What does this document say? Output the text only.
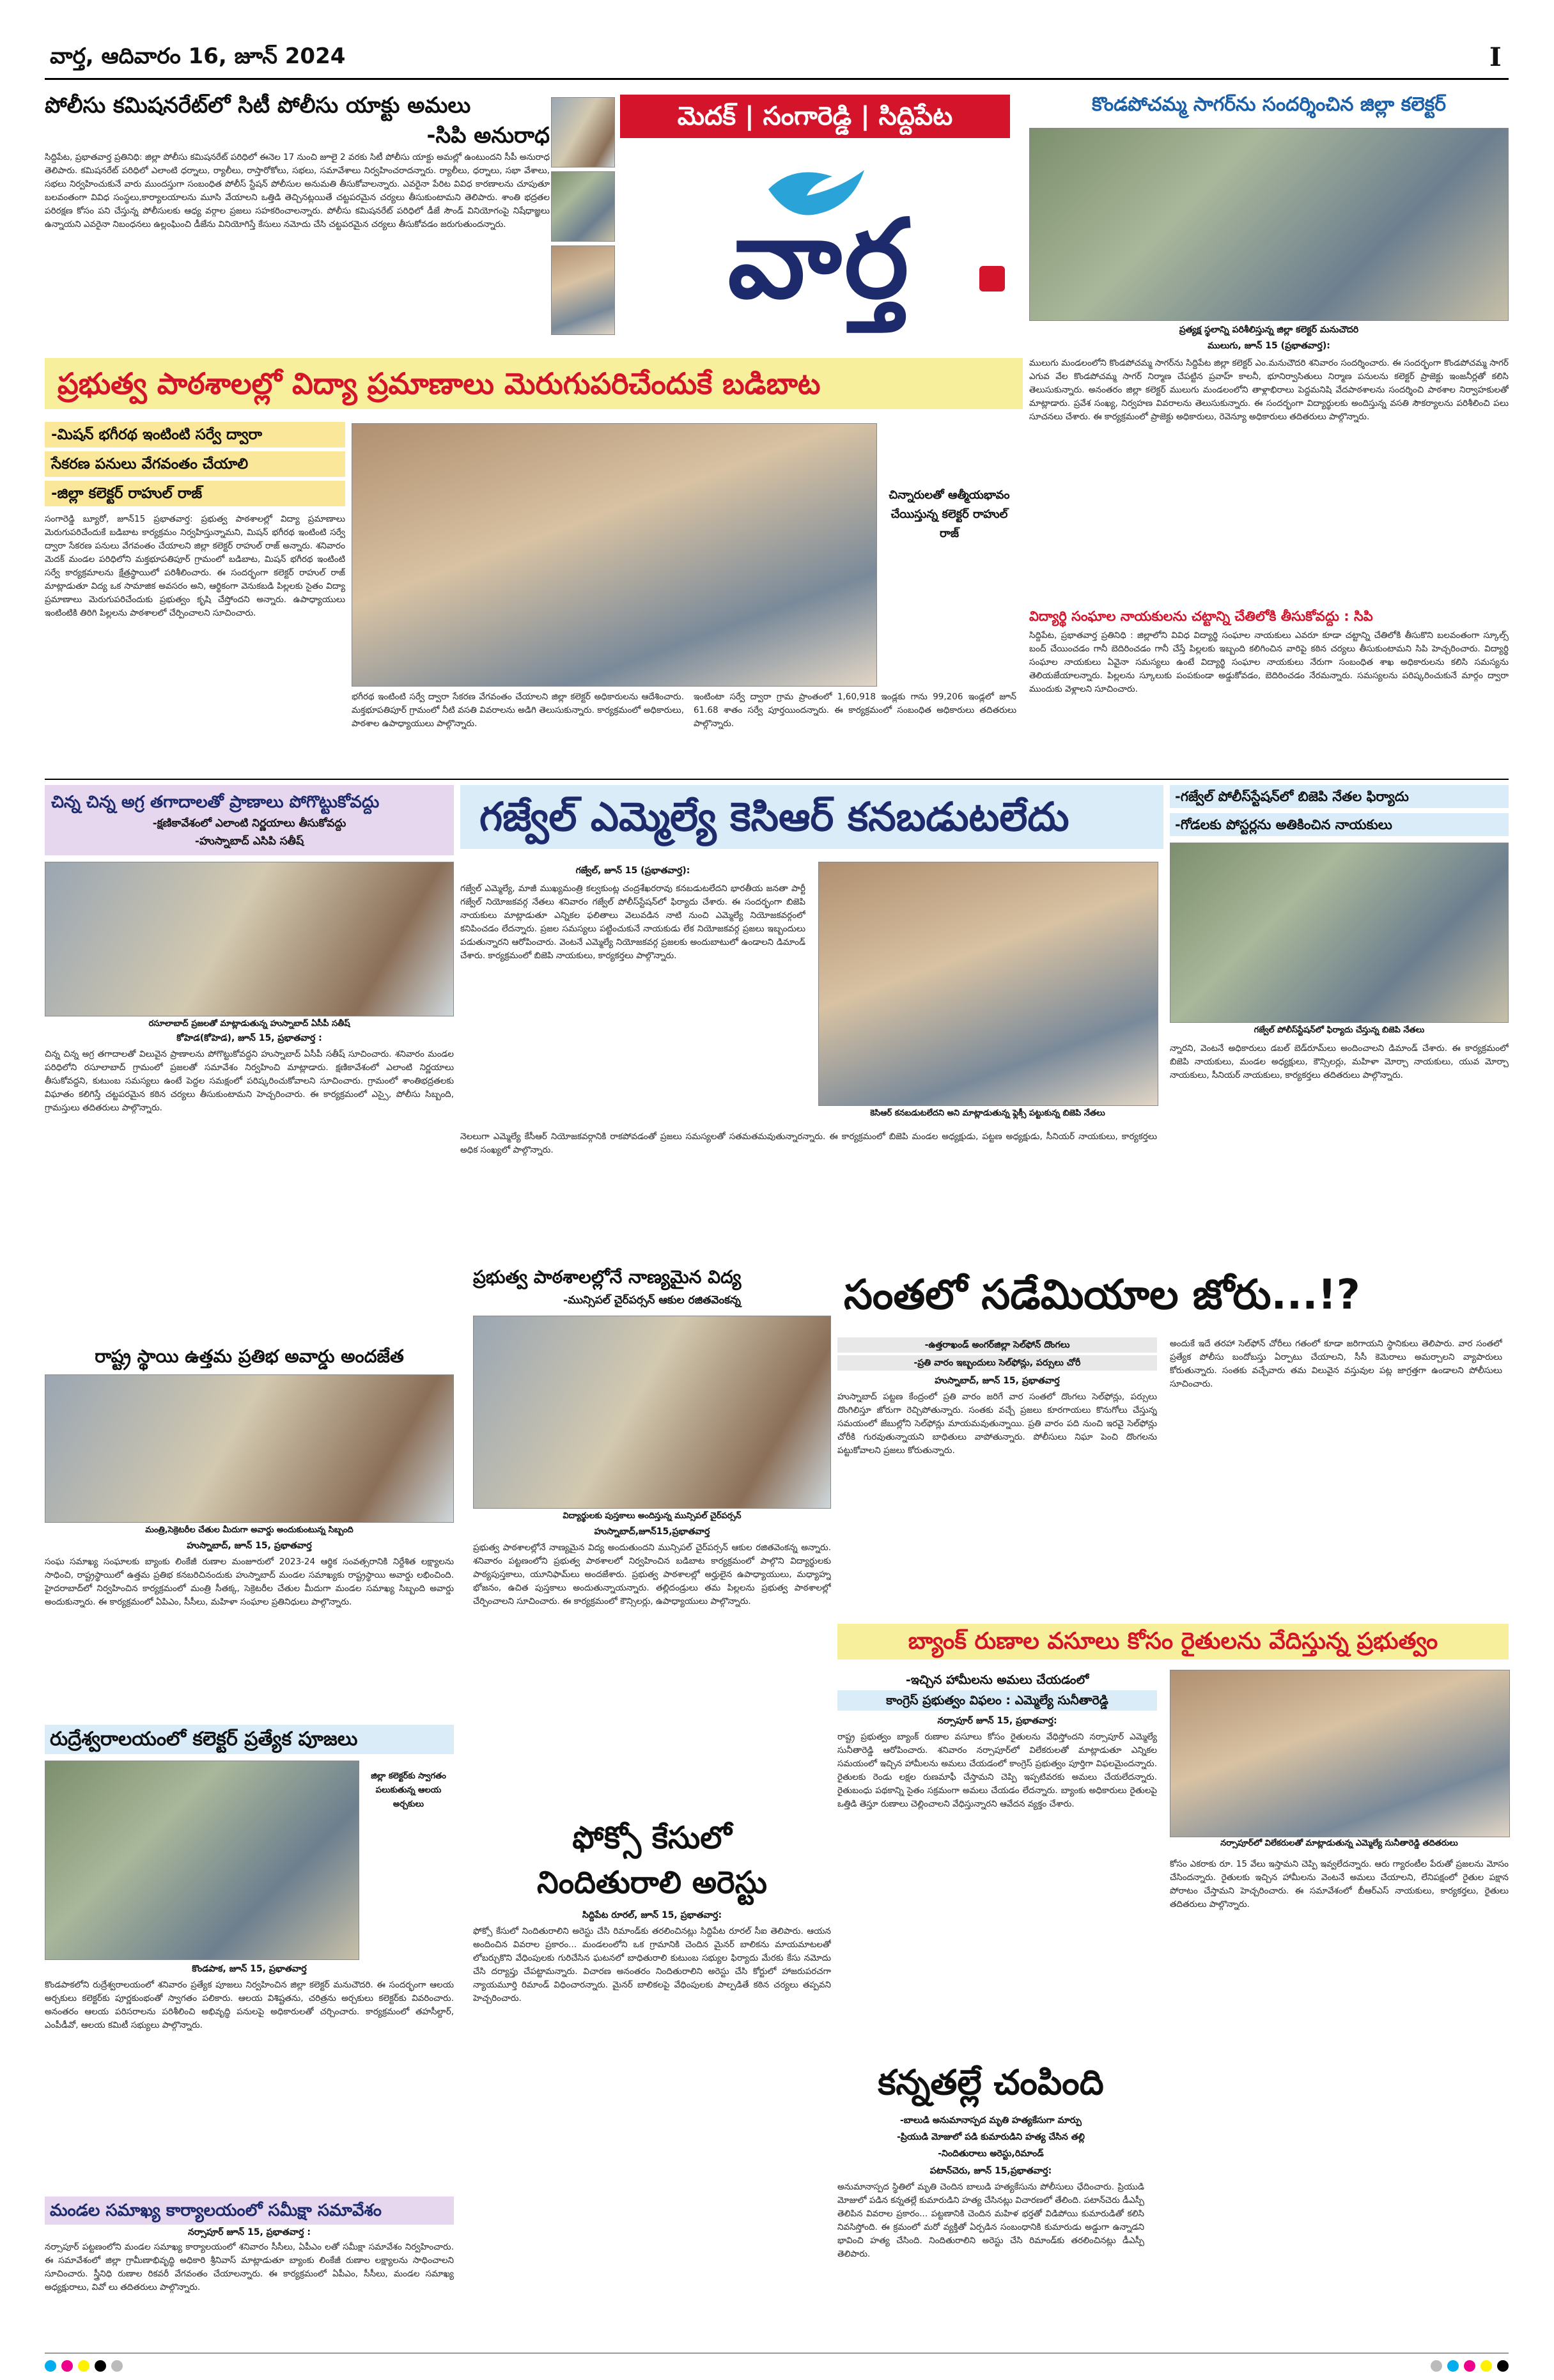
వార్త, ఆదివారం 16, జూన్ 2024	I
పోలీసు కమిషనరేట్‌లో సిటీ పోలీసు యాక్టు అమలు
-సిపి అనురాధ
సిద్దిపేట, ప్రభాతవార్త ప్రతినిధి: జిల్లా పోలీసు కమిషనరేట్ పరిధిలో ఈనెల 17 నుంచి జూలై 2 వరకు సిటీ పోలీసు యాక్టు అమల్లో ఉంటుందని సీపీ అనురాధ తెలిపారు. కమిషనరేట్ పరిధిలో ఎలాంటి ధర్నాలు, ర్యాలీలు, రాస్తారోకోలు, సభలు, సమావేశాలు నిర్వహించరాదన్నారు. ర్యాలీలు, ధర్నాలు, సభా వేశాలు, సభలు నిర్వహించుకునే వారు ముందస్తుగా సంబంధిత పోలీస్ స్టేషన్ పోలీసుల అనుమతి తీసుకోవాలన్నారు. ఎవరైనా పేరిట వివిధ కారణాలను చూపుతూ బలవంతంగా వివిధ సంస్థలు,కార్యాలయాలను మూసి వేయాలని ఒత్తిడి తెచ్చినట్లయితే చట్టపరమైన చర్యలు తీసుకుంటామని తెలిపారు. శాంతి భద్రతల పరిరక్షణ కోసం పని చేస్తున్న పోలీసులకు ఆధ్య వర్గాల ప్రజలు సహకరించాలన్నారు. పోలీసు కమిషనరేట్ పరిధిలో డీజే సౌండ్ వినియోగంపై నిషేధాజ్ఞలు ఉన్నాయని ఎవరైనా నిబంధనలు ఉల్లంఘించి డీజేను వినియోగిస్తే కేసులు నమోదు చేసి చట్టపరమైన చర్యలు తీసుకోవడం జరుగుతుందన్నారు.
మెదక్ | సంగారెడ్డి | సిద్దిపేట
వార్త
కొండపోచమ్మ సాగర్‌ను సందర్శించిన జిల్లా కలెక్టర్
ప్రత్యక్ష స్థలాన్ని పరిశీలిస్తున్న జిల్లా కలెక్టర్ మనుచౌదరి
ములుగు, జూన్ 15 (ప్రభాతవార్త):
ములుగు మండలంలోని కొండపోచమ్మ సాగర్‌ను సిద్దిపేట జిల్లా కలెక్టర్ ఎం.మనుచౌదరి శనివారం సందర్శించారు. ఈ సందర్భంగా కొండపోచమ్మ సాగర్ ఎగువ వేల కొండపోచమ్మ సాగర్ నిర్మాణ చేపట్టిన ప్రవాహ్ కాలనీ, భూనిర్వాసితులు నిర్మాణ పనులను కలెక్టర్ ప్రాజెక్టు ఇంజనీర్లతో కలిసి తెలుసుకున్నారు. అనంతరం జిల్లా కలెక్టర్ ములుగు మండలంలోని తాళ్లాభిరాలు పెద్దమనిషి వేదపాఠశాలను సందర్శించి పాఠశాల నిర్వాహకులతో మాట్లాడారు. ప్రవేశ సంఖ్య, నిర్వహణ వివరాలను తెలుసుకున్నారు. ఈ సందర్భంగా విద్యార్థులకు అందిస్తున్న వసతి సౌకర్యాలను పరిశీలించి పలు సూచనలు చేశారు. ఈ కార్యక్రమంలో ప్రాజెక్టు అధికారులు, రెవెన్యూ అధికారులు తదితరులు పాల్గొన్నారు.
విద్యార్థి సంఘాల నాయకులను చట్టాన్ని చేతిలోకి తీసుకోవద్దు : సిపి
సిద్దిపేట, ప్రభాతవార్త ప్రతినిధి : జిల్లాలోని వివిధ విద్యార్థి సంఘాల నాయకులు ఎవరూ కూడా చట్టాన్ని చేతిలోకి తీసుకొని బలవంతంగా స్కూల్స్ బంద్ చేయించడం గానీ బెదిరించడం గానీ చేస్తే పిల్లలకు ఇబ్బంది కలిగించిన వారిపై కఠిన చర్యలు తీసుకుంటామని సిపి హెచ్చరించారు. విద్యార్థి సంఘాల నాయకులు ఏవైనా సమస్యలు ఉంటే విద్యార్థి సంఘాల నాయకులు నేరుగా సంబంధిత శాఖ అధికారులను కలిసి సమస్యను తెలియజేయాలన్నారు. పిల్లలను స్కూలుకు పంపకుండా అడ్డుకోవడం, బెదిరించడం నేరమన్నారు. సమస్యలను పరిష్కరించుకునే మార్గం ద్వారా ముందుకు వెళ్లాలని సూచించారు.
ప్రభుత్వ పాఠశాలల్లో విద్యా ప్రమాణాలు మెరుగుపరిచేందుకే బడిబాట
-మిషన్ భగీరథ ఇంటింటి సర్వే ద్వారా
సేకరణ పనులు వేగవంతం చేయాలి
-జిల్లా కలెక్టర్ రాహుల్ రాజ్
సంగారెడ్డి బ్యూరో, జూన్15 ప్రభాతవార్త: ప్రభుత్వ పాఠశాలల్లో విద్యా ప్రమాణాలు మెరుగుపరిచేందుకే బడిబాట కార్యక్రమం నిర్వహిస్తున్నామని, మిషన్ భగీరథ ఇంటింటి సర్వే ద్వారా సేకరణ పనులు వేగవంతం చేయాలని జిల్లా కలెక్టర్ రాహుల్ రాజ్ అన్నారు. శనివారం మెదక్ మండల పరిధిలోని మక్తభూపతిపూర్ గ్రామంలో బడిబాట, మిషన్ భగీరథ ఇంటింటి సర్వే కార్యక్రమాలను క్షేత్రస్థాయిలో పరిశీలించారు. ఈ సందర్భంగా కలెక్టర్ రాహుల్ రాజ్ మాట్లాడుతూ విద్య ఒక సామాజిక అవసరం అని, ఆర్థికంగా వెనుకబడి పిల్లలకు సైతం విద్యా ప్రమాణాలు మెరుగుపరిచేందుకు ప్రభుత్వం కృషి చేస్తోందని అన్నారు. ఉపాధ్యాయులు ఇంటింటికి తిరిగి పిల్లలను పాఠశాలలో చేర్పించాలని సూచించారు.
చిన్నారులతో ఆత్మీయభావం చేయిస్తున్న కలెక్టర్ రాహుల్ రాజ్
భగీరథ ఇంటింటి సర్వే ద్వారా సేకరణ వేగవంతం చేయాలని జిల్లా కలెక్టర్ అధికారులను ఆదేశించారు. మక్తభూపతిపూర్ గ్రామంలో నీటి వసతి వివరాలను అడిగి తెలుసుకున్నారు. కార్యక్రమంలో అధికారులు, పాఠశాల ఉపాధ్యాయులు పాల్గొన్నారు.
ఇంటింటా సర్వే ద్వారా గ్రామ ప్రాంతంలో 1,60,918 ఇండ్లకు గాను 99,206 ఇండ్లలో జూన్ 61.68 శాతం సర్వే పూర్తయిందన్నారు. ఈ కార్యక్రమంలో సంబంధిత అధికారులు తదితరులు పాల్గొన్నారు.
చిన్న చిన్న అగ్ర తగాదాలతో ప్రాణాలు పోగొట్టుకోవద్దు
-క్షణికావేశంలో ఎలాంటి నిర్ణయాలు తీసుకోవద్దు
-హుస్నాబాద్ ఎసిపి సతీష్
రసూలాబాద్ ప్రజలతో మాట్లాడుతున్న హుస్నాబాద్ ఏసీపీ సతీష్
కోహెడ(కోహెడ), జూన్ 15, ప్రభాతవార్త :
చిన్న చిన్న అగ్ర తగాదాలతో విలువైన ప్రాణాలను పోగొట్టుకోవద్దని హుస్నాబాద్ ఏసీపీ సతీష్ సూచించారు. శనివారం మండల పరిధిలోని రసూలాబాద్ గ్రామంలో ప్రజలతో సమావేశం నిర్వహించి మాట్లాడారు. క్షణికావేశంలో ఎలాంటి నిర్ణయాలు తీసుకోవద్దని, కుటుంబ సమస్యలు ఉంటే పెద్దల సమక్షంలో పరిష్కరించుకోవాలని సూచించారు. గ్రామంలో శాంతిభద్రతలకు విఘాతం కలిగిస్తే చట్టపరమైన కఠిన చర్యలు తీసుకుంటామని హెచ్చరించారు. ఈ కార్యక్రమంలో ఎస్సై, పోలీసు సిబ్బంది, గ్రామస్తులు తదితరులు పాల్గొన్నారు.
గజ్వేల్ ఎమ్మెల్యే కెసిఆర్ కనబడుటలేదు
గజ్వేల్, జూన్ 15 (ప్రభాతవార్త):
గజ్వేల్ ఎమ్మెల్యే, మాజీ ముఖ్యమంత్రి కల్వకుంట్ల చంద్రశేఖరరావు కనబడుటలేదని భారతీయ జనతా పార్టీ గజ్వేల్ నియోజకవర్గ నేతలు శనివారం గజ్వేల్ పోలీస్‌స్టేషన్‌లో ఫిర్యాదు చేశారు. ఈ సందర్భంగా బిజెపి నాయకులు మాట్లాడుతూ ఎన్నికల ఫలితాలు వెలువడిన నాటి నుంచి ఎమ్మెల్యే నియోజకవర్గంలో కనిపించడం లేదన్నారు. ప్రజల సమస్యలు పట్టించుకునే నాయకుడు లేక నియోజకవర్గ ప్రజలు ఇబ్బందులు పడుతున్నారని ఆరోపించారు. వెంటనే ఎమ్మెల్యే నియోజకవర్గ ప్రజలకు అందుబాటులో ఉండాలని డిమాండ్ చేశారు. కార్యక్రమంలో బిజెపి నాయకులు, కార్యకర్తలు పాల్గొన్నారు.
కెసిఆర్ కనబడుటలేదని అని మాట్లాడుతున్న ఫ్లెక్సీ పట్టుకున్న బిజెపి నేతలు
నెలలుగా ఎమ్మెల్యే కేసీఆర్ నియోజకవర్గానికి రాకపోవడంతో ప్రజలు సమస్యలతో సతమతమవుతున్నారన్నారు. ఈ కార్యక్రమంలో బిజెపి మండల అధ్యక్షుడు, పట్టణ అధ్యక్షుడు, సీనియర్ నాయకులు, కార్యకర్తలు అధిక సంఖ్యలో పాల్గొన్నారు.
-గజ్వేల్ పోలీస్‌స్టేషన్‌లో బిజెపి నేతల ఫిర్యాదు
-గోడలకు పోస్టర్లను అతికించిన నాయకులు
గజ్వేల్ పోలీస్‌స్టేషన్‌లో ఫిర్యాదు చేస్తున్న బిజెపి నేతలు
న్నారని, వెంటనే అధికారులు డబల్ బెడ్‌రూమ్‌లు అందించాలని డిమాండ్ చేశారు. ఈ కార్యక్రమంలో బిజెపి నాయకులు, మండల అధ్యక్షులు, కౌన్సిలర్లు, మహిళా మోర్చా నాయకులు, యువ మోర్చా నాయకులు, సీనియర్ నాయకులు, కార్యకర్తలు తదితరులు పాల్గొన్నారు.
రాష్ట్ర స్థాయి ఉత్తమ ప్రతిభ అవార్డు అందజేత
మంత్రి,సెక్రెటరీల చేతుల మీదుగా అవార్డు అందుకుంటున్న సిబ్బంది
హుస్నాబాద్, జూన్ 15, ప్రభాతవార్త
సంఘ సమాఖ్య సంఘాలకు బ్యాంకు లింకేజీ రుణాల మంజూరులో 2023-24 ఆర్థిక సంవత్సరానికి నిర్దేశిత లక్ష్యాలను సాధించి, రాష్ట్రస్థాయిలో ఉత్తమ ప్రతిభ కనబరిచినందుకు హుస్నాబాద్ మండల సమాఖ్యకు రాష్ట్రస్థాయి అవార్డు లభించింది. హైదరాబాద్‌లో నిర్వహించిన కార్యక్రమంలో మంత్రి సీతక్క, సెక్రెటరీల చేతుల మీదుగా మండల సమాఖ్య సిబ్బంది అవార్డు అందుకున్నారు. ఈ కార్యక్రమంలో ఏపిఎం, సీసీలు, మహిళా సంఘాల ప్రతినిధులు పాల్గొన్నారు.
రుద్రేశ్వరాలయంలో కలెక్టర్ ప్రత్యేక పూజలు
జిల్లా కలెక్టర్‌కు స్వాగతం పలుకుతున్న ఆలయ అర్చకులు
కొండపాక, జూన్ 15, ప్రభాతవార్త
కొండపాకలోని రుద్రేశ్వరాలయంలో శనివారం ప్రత్యేక పూజలు నిర్వహించిన జిల్లా కలెక్టర్ మనుచౌదరి. ఈ సందర్భంగా ఆలయ అర్చకులు కలెక్టర్‌కు పూర్ణకుంభంతో స్వాగతం పలికారు. ఆలయ విశిష్టతను, చరిత్రను అర్చకులు కలెక్టర్‌కు వివరించారు. అనంతరం ఆలయ పరిసరాలను పరిశీలించి అభివృద్ధి పనులపై అధికారులతో చర్చించారు. కార్యక్రమంలో తహసీల్దార్, ఎంపీడీవో, ఆలయ కమిటీ సభ్యులు పాల్గొన్నారు.
మండల సమాఖ్య కార్యాలయంలో సమీక్షా సమావేశం
నర్సాపూర్ జూన్ 15, ప్రభాతవార్త :
నర్సాపూర్ పట్టణంలోని మండల సమాఖ్య కార్యాలయంలో శనివారం సీసీలు, ఏపీఎం లతో సమీక్షా సమావేశం నిర్వహించారు. ఈ సమావేశంలో జిల్లా గ్రామీణాభివృద్ధి అధికారి శ్రీనివాస్ మాట్లాడుతూ బ్యాంకు లింకేజీ రుణాల లక్ష్యాలను సాధించాలని సూచించారు. స్త్రీనిధి రుణాల రికవరీ వేగవంతం చేయాలన్నారు. ఈ కార్యక్రమంలో ఏపీఎం, సీసీలు, మండల సమాఖ్య అధ్యక్షురాలు, వివో లు తదితరులు పాల్గొన్నారు.
ప్రభుత్వ పాఠశాలల్లోనే నాణ్యమైన విద్య
-మున్సిపల్ చైర్‌పర్సన్ ఆకుల రజితవెంకన్న
విద్యార్థులకు పుస్తకాలు అందిస్తున్న మున్సిపల్ చైర్‌పర్సన్
హుస్నాబాద్,జూన్15,ప్రభాతవార్త
ప్రభుత్వ పాఠశాలల్లోనే నాణ్యమైన విద్య అందుతుందని మున్సిపల్ చైర్‌పర్సన్ ఆకుల రజితవెంకన్న అన్నారు. శనివారం పట్టణంలోని ప్రభుత్వ పాఠశాలలో నిర్వహించిన బడిబాట కార్యక్రమంలో పాల్గొని విద్యార్థులకు పాఠ్యపుస్తకాలు, యూనిఫామ్‌లు అందజేశారు. ప్రభుత్వ పాఠశాలల్లో అర్హులైన ఉపాధ్యాయులు, మధ్యాహ్న భోజనం, ఉచిత పుస్తకాలు అందుతున్నాయన్నారు. తల్లిదండ్రులు తమ పిల్లలను ప్రభుత్వ పాఠశాలల్లో చేర్పించాలని సూచించారు. ఈ కార్యక్రమంలో కౌన్సిలర్లు, ఉపాధ్యాయులు పాల్గొన్నారు.
ఫోక్సో కేసులో
నిందితురాలి అరెస్టు
సిద్దిపేట రూరల్, జూన్ 15, ప్రభాతవార్త:
ఫోక్సో కేసులో నిందితురాలిని అరెస్టు చేసి రిమాండ్‌కు తరలించినట్లు సిద్దిపేట రూరల్ సీఐ తెలిపారు. ఆయన అందించిన వివరాల ప్రకారం... మండలంలోని ఒక గ్రామానికి చెందిన మైనర్ బాలికను మాయమాటలతో లోబర్చుకొని వేధింపులకు గురిచేసిన ఘటనలో బాధితురాలి కుటుంబ సభ్యుల ఫిర్యాదు మేరకు కేసు నమోదు చేసి దర్యాప్తు చేపట్టామన్నారు. విచారణ అనంతరం నిందితురాలిని అరెస్టు చేసి కోర్టులో హాజరుపరచగా న్యాయమూర్తి రిమాండ్ విధించారన్నారు. మైనర్ బాలికలపై వేధింపులకు పాల్పడితే కఠిన చర్యలు తప్పవని హెచ్చరించారు.
సంతలో సడేమియాల జోరు...!?
-ఉత్తరాఖండ్ అంగర్‌జిల్లా సెల్‌ఫోన్ దొంగలు
-ప్రతి వారం ఇబ్బందులు సెల్‌ఫోన్లు, పర్సులు చోరీ
హుస్నాబాద్, జూన్ 15, ప్రభాతవార్త
హుస్నాబాద్ పట్టణ కేంద్రంలో ప్రతి వారం జరిగే వార సంతలో దొంగలు సెల్‌ఫోన్లు, పర్సులు దొంగిలిస్తూ జోరుగా రెచ్చిపోతున్నారు. సంతకు వచ్చే ప్రజలు కూరగాయలు కొనుగోలు చేస్తున్న సమయంలో జేబుల్లోని సెల్‌ఫోన్లు మాయమవుతున్నాయి. ప్రతి వారం పది నుంచి ఇరవై సెల్‌ఫోన్లు చోరీకి గురవుతున్నాయని బాధితులు వాపోతున్నారు. పోలీసులు నిఘా పెంచి దొంగలను పట్టుకోవాలని ప్రజలు కోరుతున్నారు.
అందుకే ఇదే తరహా సెల్‌ఫోన్ చోరీలు గతంలో కూడా జరిగాయని స్థానికులు తెలిపారు. వార సంతలో ప్రత్యేక పోలీసు బందోబస్తు ఏర్పాటు చేయాలని, సీసీ కెమెరాలు అమర్చాలని వ్యాపారులు కోరుతున్నారు. సంతకు వచ్చేవారు తమ విలువైన వస్తువుల పట్ల జాగ్రత్తగా ఉండాలని పోలీసులు సూచించారు.
బ్యాంక్ రుణాల వసూలు కోసం రైతులను వేదిస్తున్న ప్రభుత్వం
-ఇచ్చిన హామీలను అమలు చేయడంలో
కాంగ్రెస్ ప్రభుత్వం విఫలం : ఎమ్మెల్యే సునీతారెడ్డి
నర్సాపూర్ జూన్ 15, ప్రభాతవార్త:
రాష్ట్ర ప్రభుత్వం బ్యాంక్ రుణాల వసూలు కోసం రైతులను వేధిస్తోందని నర్సాపూర్ ఎమ్మెల్యే సునీతారెడ్డి ఆరోపించారు. శనివారం నర్సాపూర్‌లో విలేకరులతో మాట్లాడుతూ ఎన్నికల సమయంలో ఇచ్చిన హామీలను అమలు చేయడంలో కాంగ్రెస్ ప్రభుత్వం పూర్తిగా విఫలమైందన్నారు. రైతులకు రెండు లక్షల రుణమాఫీ చేస్తామని చెప్పి ఇప్పటివరకు అమలు చేయలేదన్నారు. రైతుబంధు పథకాన్ని సైతం సక్రమంగా అమలు చేయడం లేదన్నారు. బ్యాంకు అధికారులు రైతులపై ఒత్తిడి తెస్తూ రుణాలు చెల్లించాలని వేధిస్తున్నారని ఆవేదన వ్యక్తం చేశారు.
నర్సాపూర్‌లో విలేకరులతో మాట్లాడుతున్న ఎమ్మెల్యే సునీతారెడ్డి తదితరులు
కోసం ఎకరాకు రూ. 15 వేలు ఇస్తామని చెప్పి ఇవ్వలేదన్నారు. ఆరు గ్యారంటీల పేరుతో ప్రజలను మోసం చేసిందన్నారు. రైతులకు ఇచ్చిన హామీలను వెంటనే అమలు చేయాలని, లేనిపక్షంలో రైతుల పక్షాన పోరాటం చేస్తామని హెచ్చరించారు. ఈ సమావేశంలో బీఆర్ఎస్ నాయకులు, కార్యకర్తలు, రైతులు తదితరులు పాల్గొన్నారు.
కన్నతల్లే చంపింది
-బాలుడి అనుమానాస్పద మృతి హత్యకేసుగా మార్పు
-ప్రియుడి మోజులో పడి కుమారుడిని హత్య చేసిన తల్లి
-నిందితురాలు అరెస్టు,రిమాండ్
పటాన్‌చెరు, జూన్ 15,ప్రభాతవార్త:
అనుమానాస్పద స్థితిలో మృతి చెందిన బాలుడి హత్యకేసును పోలీసులు ఛేదించారు. ప్రియుడి మోజులో పడిన కన్నతల్లే కుమారుడిని హత్య చేసినట్లు విచారణలో తేలింది. పటాన్‌చెరు డీఎస్పీ తెలిపిన వివరాల ప్రకారం... పట్టణానికి చెందిన మహిళ భర్తతో విడిపోయి కుమారుడితో కలిసి నివసిస్తోంది. ఈ క్రమంలో మరో వ్యక్తితో ఏర్పడిన సంబంధానికి కుమారుడు అడ్డుగా ఉన్నాడని భావించి హత్య చేసింది. నిందితురాలిని అరెస్టు చేసి రిమాండ్‌కు తరలించినట్లు డీఎస్పీ తెలిపారు.
